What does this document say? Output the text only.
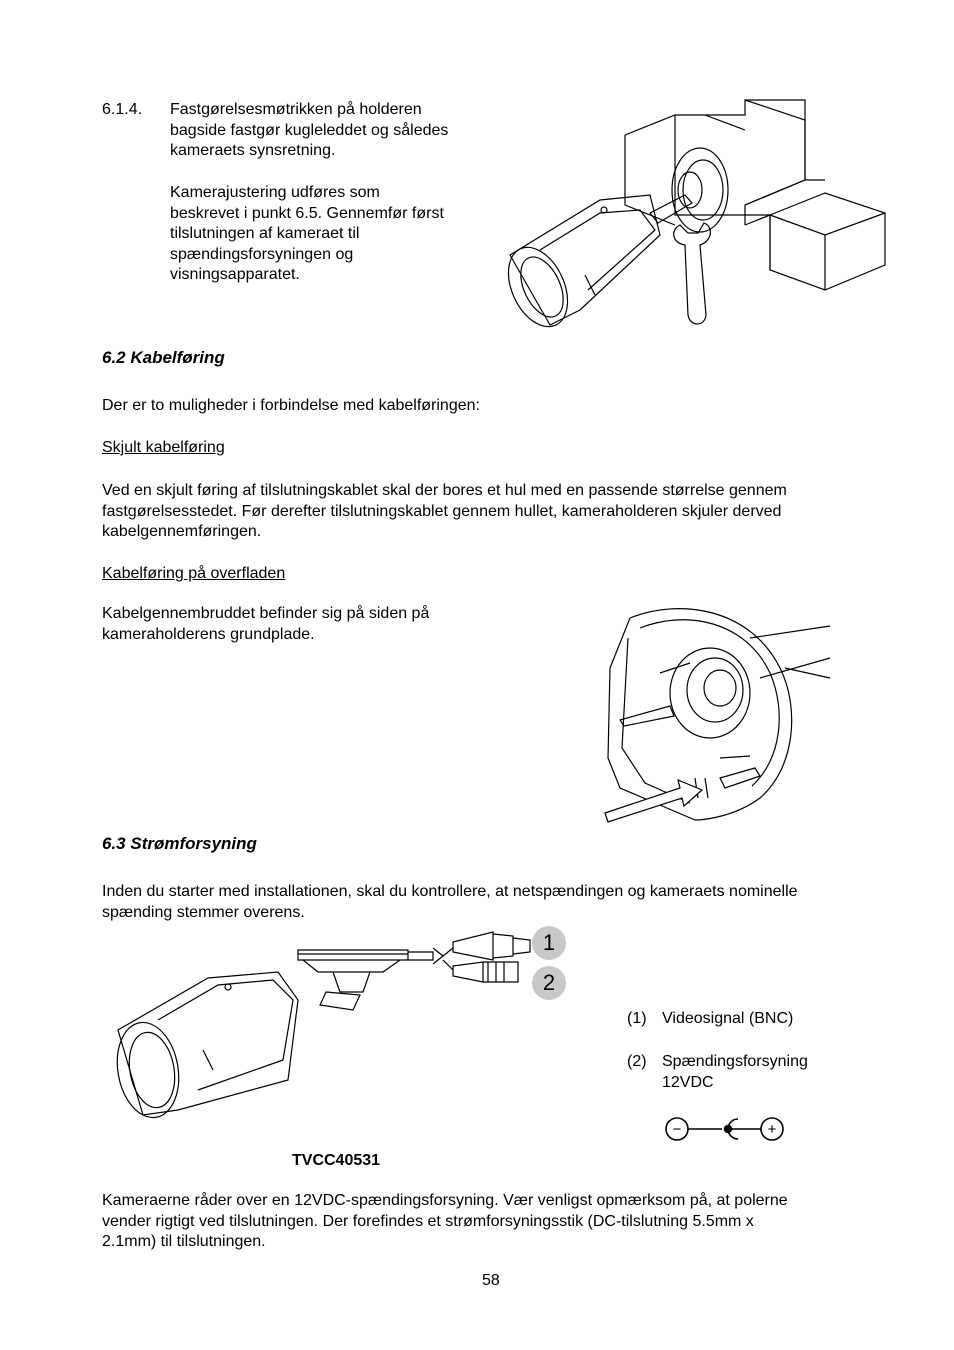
6.1.4. Fastgørelsesmøtrikken på holderen
bagside fastgør kugleleddet og således
kameraets synsretning.
Kamerajustering udføres som
beskrevet i punkt 6.5. Gennemfør først
tilslutningen af kameraet til
spændingsforsyningen og
visningsapparatet.
6.2 Kabelføring
Der er to muligheder i forbindelse med kabelføringen:
Skjult kabelføring
Ved en skjult føring af tilslutningskablet skal der bores et hul med en passende størrelse gennem
fastgørelsesstedet. Før derefter tilslutningskablet gennem hullet, kameraholderen skjuler derved
kabelgennemføringen.
Kabelføring på overfladen
Kabelgennembruddet befinder sig på siden på
kameraholderens grundplade.
6.3 Strømforsyning
Inden du starter med installationen, skal du kontrollere, at netspændingen og kameraets nominelle
spænding stemmer overens.
1
2
(1) Videosignal (BNC)
(2) Spændingsforsyning
12VDC
−	+
TVCC40531
Kameraerne råder over en 12VDC-spændingsforsyning. Vær venligst opmærksom på, at polerne
vender rigtigt ved tilslutningen. Der forefindes et strømforsyningsstik (DC-tilslutning 5.5mm x
2.1mm) til tilslutningen.
58
